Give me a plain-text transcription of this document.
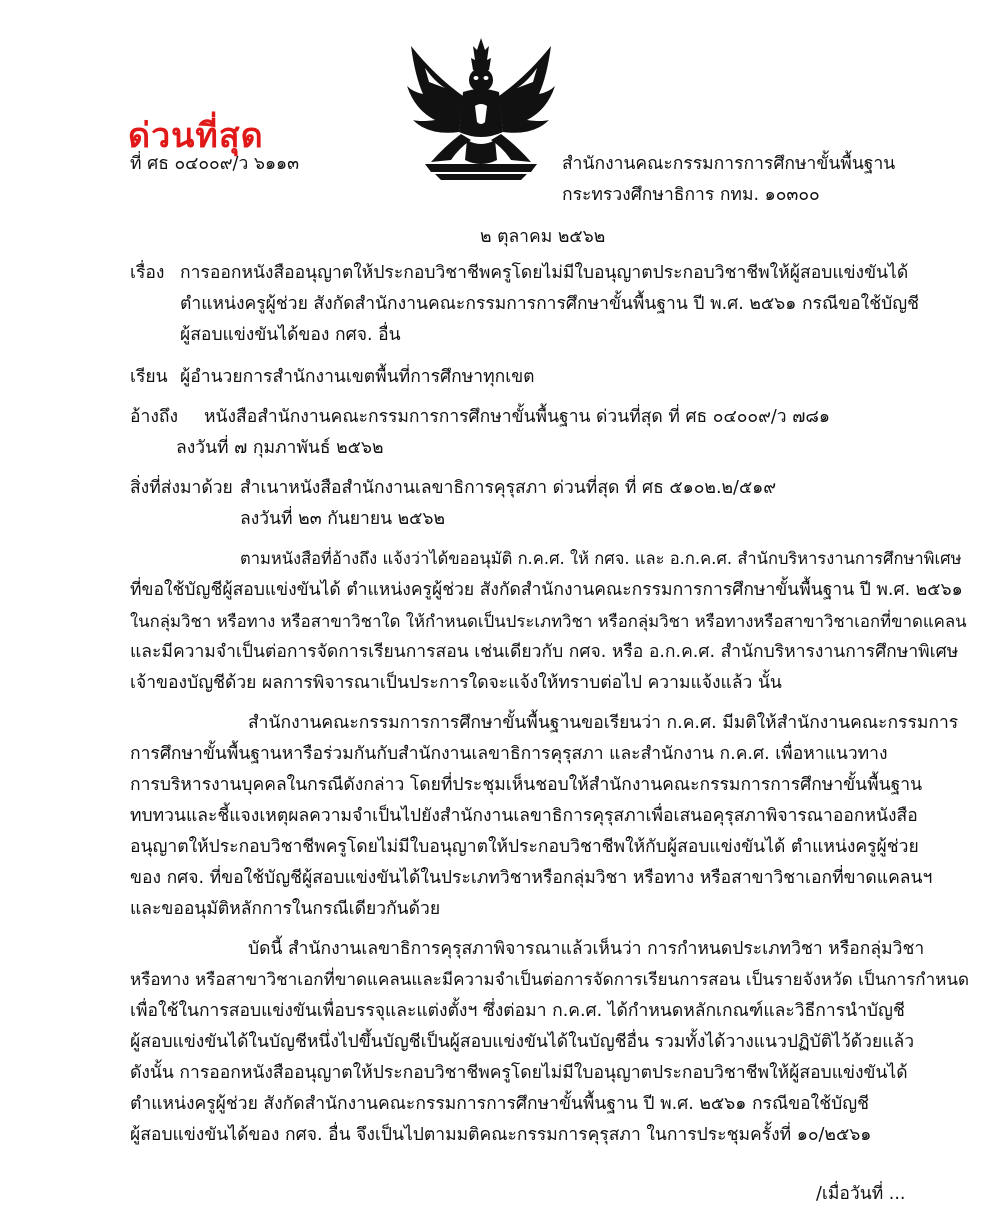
ด่วนที่สุด
ที่ ศธ ๐๔๐๐๙/ว ๖๑๑๓	สำนักงานคณะกรรมการการศึกษาขั้นพื้นฐาน
กระทรวงศึกษาธิการ กทม. ๑๐๓๐๐
๒ ตุลาคม ๒๕๖๒
เรื่อง การออกหนังสืออนุญาตให้ประกอบวิชาชีพครูโดยไม่มีใบอนุญาตประกอบวิชาชีพให้ผู้สอบแข่งขันได้
ตำแหน่งครูผู้ช่วย สังกัดสำนักงานคณะกรรมการการศึกษาขั้นพื้นฐาน ปี พ.ศ. ๒๕๖๑ กรณีขอใช้บัญชี
ผู้สอบแข่งขันได้ของ กศจ. อื่น
เรียน ผู้อำนวยการสำนักงานเขตพื้นที่การศึกษาทุกเขต
อ้างถึง หนังสือสำนักงานคณะกรรมการการศึกษาขั้นพื้นฐาน ด่วนที่สุด ที่ ศธ ๐๔๐๐๙/ว ๗๘๑
ลงวันที่ ๗ กุมภาพันธ์ ๒๕๖๒
สิ่งที่ส่งมาด้วย สำเนาหนังสือสำนักงานเลขาธิการคุรุสภา ด่วนที่สุด ที่ ศธ ๕๑๐๒.๒/๕๑๙
ลงวันที่ ๒๓ กันยายน ๒๕๖๒
ตามหนังสือที่อ้างถึง แจ้งว่าได้ขออนุมัติ ก.ค.ศ. ให้ กศจ. และ อ.ก.ค.ศ. สำนักบริหารงานการศึกษาพิเศษ
ที่ขอใช้บัญชีผู้สอบแข่งขันได้ ตำแหน่งครูผู้ช่วย สังกัดสำนักงานคณะกรรมการการศึกษาขั้นพื้นฐาน ปี พ.ศ. ๒๕๖๑
ในกลุ่มวิชา หรือทาง หรือสาขาวิชาใด ให้กำหนดเป็นประเภทวิชา หรือกลุ่มวิชา หรือทางหรือสาขาวิชาเอกที่ขาดแคลน
และมีความจำเป็นต่อการจัดการเรียนการสอน เช่นเดียวกับ กศจ. หรือ อ.ก.ค.ศ. สำนักบริหารงานการศึกษาพิเศษ
เจ้าของบัญชีด้วย ผลการพิจารณาเป็นประการใดจะแจ้งให้ทราบต่อไป ความแจ้งแล้ว นั้น
สำนักงานคณะกรรมการการศึกษาขั้นพื้นฐานขอเรียนว่า ก.ค.ศ. มีมติให้สำนักงานคณะกรรมการ
การศึกษาขั้นพื้นฐานหารือร่วมกันกับสำนักงานเลขาธิการคุรุสภา และสำนักงาน ก.ค.ศ. เพื่อหาแนวทาง
การบริหารงานบุคคลในกรณีดังกล่าว โดยที่ประชุมเห็นชอบให้สำนักงานคณะกรรมการการศึกษาขั้นพื้นฐาน
ทบทวนและชี้แจงเหตุผลความจำเป็นไปยังสำนักงานเลขาธิการคุรุสภาเพื่อเสนอคุรุสภาพิจารณาออกหนังสือ
อนุญาตให้ประกอบวิชาชีพครูโดยไม่มีใบอนุญาตให้ประกอบวิชาชีพให้กับผู้สอบแข่งขันได้ ตำแหน่งครูผู้ช่วย
ของ กศจ. ที่ขอใช้บัญชีผู้สอบแข่งขันได้ในประเภทวิชาหรือกลุ่มวิชา หรือทาง หรือสาขาวิชาเอกที่ขาดแคลนฯ
และขออนุมัติหลักการในกรณีเดียวกันด้วย
บัดนี้ สำนักงานเลขาธิการคุรุสภาพิจารณาแล้วเห็นว่า การกำหนดประเภทวิชา หรือกลุ่มวิชา
หรือทาง หรือสาขาวิชาเอกที่ขาดแคลนและมีความจำเป็นต่อการจัดการเรียนการสอน เป็นรายจังหวัด เป็นการกำหนด
เพื่อใช้ในการสอบแข่งขันเพื่อบรรจุและแต่งตั้งฯ ซึ่งต่อมา ก.ค.ศ. ได้กำหนดหลักเกณฑ์และวิธีการนำบัญชี
ผู้สอบแข่งขันได้ในบัญชีหนึ่งไปขึ้นบัญชีเป็นผู้สอบแข่งขันได้ในบัญชีอื่น รวมทั้งได้วางแนวปฏิบัติไว้ด้วยแล้ว
ดังนั้น การออกหนังสืออนุญาตให้ประกอบวิชาชีพครูโดยไม่มีใบอนุญาตประกอบวิชาชีพให้ผู้สอบแข่งขันได้
ตำแหน่งครูผู้ช่วย สังกัดสำนักงานคณะกรรมการการศึกษาขั้นพื้นฐาน ปี พ.ศ. ๒๕๖๑ กรณีขอใช้บัญชี
ผู้สอบแข่งขันได้ของ กศจ. อื่น จึงเป็นไปตามมติคณะกรรมการคุรุสภา ในการประชุมครั้งที่ ๑๐/๒๕๖๑
/เมื่อวันที่ ...
